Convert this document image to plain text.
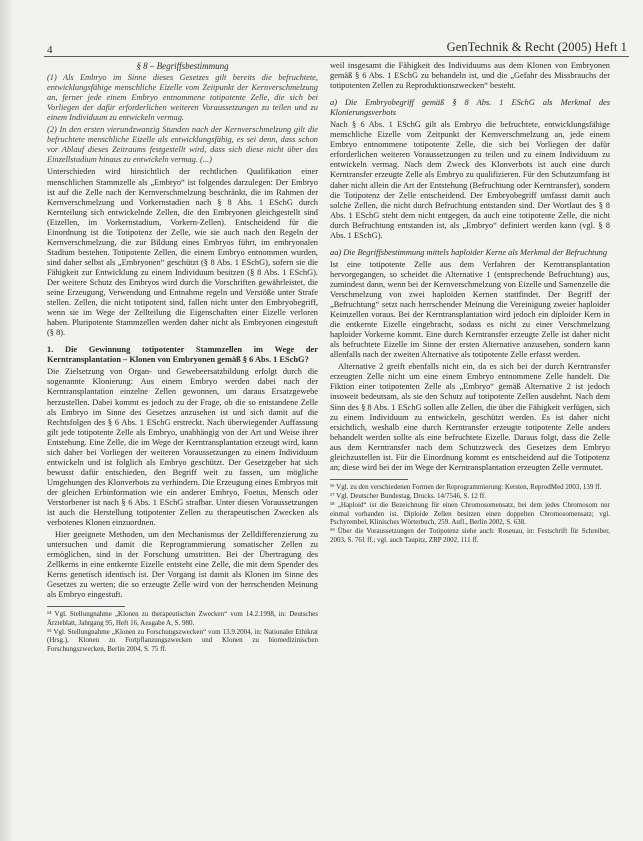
4	GenTechnik & Recht (2005) Heft 1
§ 8 – Begriffsbestimmung

(1) Als Embryo im Sinne dieses Gesetzes gilt bereits die befruchtete, entwicklungsfähige menschliche Eizelle vom Zeitpunkt der Kernverschmelzung an, ferner jede einem Embryo entnommene totipotente Zelle, die sich bei Vorliegen der dafür erforderlichen weiteren Voraussetzungen zu teilen und zu einem Individuum zu entwickeln vermag.

(2) In den ersten vierundzwanzig Stunden nach der Kernverschmelzung gilt die befruchtete menschliche Eizelle als entwicklungsfähig, es sei denn, dass schon vor Ablauf dieses Zeitraums festgestellt wird, dass sich diese nicht über das Einzellstadium hinaus zu entwickeln vermag. (...)

Unterschieden wird hinsichtlich der rechtlichen Qualifikation einer menschlichen Stammzelle als „Embryo“ ist folgendes darzulegen: Der Embryo ist auf die Zelle nach der Kernverschmelzung beschränkt, die im Rahmen der Kernverschmelzung und Vorkernstadien nach § 8 Abs. 1 ESchG durch Kernteilung sich entwickelnde Zellen, die den Embryonen gleichgestellt sind (Eizellen, im Vorkernstadium, Vorkern-Zellen). Entscheidend für die Einordnung ist die Totipotenz der Zelle, wie sie auch nach den Regeln der Kernverschmelzung, die zur Bildung eines Embryos führt, im embryonalen Stadium bestehen. Totipotente Zellen, die einem Embryo entnommen wurden, sind daher selbst als „Embryonen“ geschützt (§ 8 Abs. 1 ESchG), sofern sie die Fähigkeit zur Entwicklung zu einem Individuum besitzen (§ 8 Abs. 1 ESchG). Der weitere Schutz des Embryos wird durch die Vorschriften gewährleistet, die seine Erzeugung, Verwendung und Entnahme regeln und Verstöße unter Strafe stellen. Zellen, die nicht totipotent sind, fallen nicht unter den Embryobegriff, wenn sie im Wege der Zellteilung die Eigenschaften einer Eizelle verloren haben. Pluripotente Stammzellen werden daher nicht als Embryonen eingestuft (§ 8).

1. Die Gewinnung totipotenter Stammzellen im Wege der Kerntransplantation – Klonen von Embryonen gemäß § 6 Abs. 1 ESchG?

Die Zielsetzung von Organ- und Gewebeersatzbildung erfolgt durch die sogenannte Klonierung: Aus einem Embryo werden dabei nach der Kerntransplantation einzelne Zellen gewonnen, um daraus Ersatzgewebe herzustellen. Dabei kommt es jedoch zu der Frage, ob die so entstandene Zelle als Embryo im Sinne des Gesetzes anzusehen ist und sich damit auf die Rechtsfolgen des § 6 Abs. 1 ESchG erstreckt. Nach überwiegender Auffassung gilt jede totipotente Zelle als Embryo, unabhängig von der Art und Weise ihrer Entstehung. Eine Zelle, die im Wege der Kerntransplantation erzeugt wird, kann sich daher bei Vorliegen der weiteren Voraussetzungen zu einem Individuum entwickeln und ist folglich als Embryo geschützt. Der Gesetzgeber hat sich bewusst dafür entschieden, den Begriff weit zu fassen, um mögliche Umgehungen des Klonverbots zu verhindern. Die Erzeugung eines Embryos mit der gleichen Erbinformation wie ein anderer Embryo, Foetus, Mensch oder Verstorbener ist nach § 6 Abs. 1 ESchG strafbar. Unter diesen Voraussetzungen ist auch die Herstellung totipotenter Zellen zu therapeutischen Zwecken als verbotenes Klonen einzuordnen.

Hier geeignete Methoden, um den Mechanismus der Zelldifferenzierung zu untersuchen und damit die Reprogrammierung somatischer Zellen zu ermöglichen, sind in der Forschung umstritten. Bei der Übertragung des Zellkerns in eine entkernte Eizelle entsteht eine Zelle, die mit dem Spender des Kerns genetisch identisch ist. Der Vorgang ist damit als Klonen im Sinne des Gesetzes zu werten; die so erzeugte Zelle wird von der herrschenden Meinung als Embryo eingestuft.

¹⁴ Vgl. Stellungnahme „Klonen zu therapeutischen Zwecken“ vom 14.2.1998, in: Deutsches Ärzteblatt, Jahrgang 95, Heft 16, Ausgabe A, S. 980.

¹⁵ Vgl. Stellungnahme „Klonen zu Forschungszwecken“ vom 13.9.2004, in: Nationaler Ethikrat (Hrsg.), Klonen zu Fortpflanzungszwecken und Klonen zu biomedizinischen Forschungszwecken, Berlin 2004, S. 75 ff.

weil insgesamt die Fähigkeit des Individuums aus dem Klonen von Embryonen gemäß § 6 Abs. 1 ESchG zu behandeln ist, und die „Gefahr des Missbrauchs der totipotenten Zellen zu Reproduktionszwecken“ besteht.

a) Die Embryobegriff gemäß § 8 Abs. 1 ESchG als Merkmal des Klonierungsverbots

Nach § 6 Abs. 1 ESchG gilt als Embryo die befruchtete, entwicklungsfähige menschliche Eizelle vom Zeitpunkt der Kernverschmelzung an, jede einem Embryo entnommene totipotente Zelle, die sich bei Vorliegen der dafür erforderlichen weiteren Voraussetzungen zu teilen und zu einem Individuum zu entwickeln vermag. Nach dem Zweck des Klonverbots ist auch eine durch Kerntransfer erzeugte Zelle als Embryo zu qualifizieren. Für den Schutzumfang ist daher nicht allein die Art der Entstehung (Befruchtung oder Kerntransfer), sondern die Totipotenz der Zelle entscheidend. Der Embryobegriff umfasst damit auch solche Zellen, die nicht durch Befruchtung entstanden sind. Der Wortlaut des § 8 Abs. 1 ESchG steht dem nicht entgegen, da auch eine totipotente Zelle, die nicht durch Befruchtung entstanden ist, als „Embryo“ definiert werden kann (vgl. § 8 Abs. 1 ESchG).

aa) Die Begriffsbestimmung mittels haploider Kerne als Merkmal der Befruchtung

Ist eine totipotente Zelle aus dem Verfahren der Kerntransplantation hervorgegangen, so scheidet die Alternative 1 (entsprechende Befruchtung) aus, zumindest dann, wenn bei der Kernverschmelzung von Eizelle und Samenzelle die Verschmelzung von zwei haploiden Kernen stattfindet. Der Begriff der „Befruchtung“ setzt nach herrschender Meinung die Vereinigung zweier haploider Keimzellen voraus. Bei der Kerntransplantation wird jedoch ein diploider Kern in die entkernte Eizelle eingebracht, sodass es nicht zu einer Verschmelzung haploider Vorkerne kommt. Eine durch Kerntransfer erzeugte Zelle ist daher nicht als befruchtete Eizelle im Sinne der ersten Alternative anzusehen, sondern kann allenfalls nach der zweiten Alternative als totipotente Zelle erfasst werden.

Alternative 2 greift ebenfalls nicht ein, da es sich bei der durch Kerntransfer erzeugten Zelle nicht um eine einem Embryo entnommene Zelle handelt. Die Fiktion einer totipotenten Zelle als „Embryo“ gemäß Alternative 2 ist jedoch insoweit bedeutsam, als sie den Schutz auf totipotente Zellen ausdehnt. Nach dem Sinn des § 8 Abs. 1 ESchG sollen alle Zellen, die über die Fähigkeit verfügen, sich zu einem Individuum zu entwickeln, geschützt werden. Es ist daher nicht ersichtlich, weshalb eine durch Kerntransfer erzeugte totipotente Zelle anders behandelt werden sollte als eine befruchtete Eizelle. Daraus folgt, dass die Zelle aus dem Kerntransfer nach dem Schutzzweck des Gesetzes dem Embryo gleichzustellen ist. Für die Einordnung kommt es entscheidend auf die Totipotenz an; diese wird bei der im Wege der Kerntransplantation erzeugten Zelle vermutet.

¹⁶ Vgl. zu den verschiedenen Formen der Reprogrammierung: Kersten, ReprodMed 2003, 139 ff.

¹⁷ Vgl. Deutscher Bundestag, Drucks. 14/7546, S. 12 ff.

¹⁸ „Haploid“ ist die Bezeichnung für einen Chromosomensatz, bei dem jedes Chromosom nur einmal vorhanden ist. Diploide Zellen besitzen einen doppelten Chromosomensatz; vgl. Pschyrembel, Klinisches Wörterbuch, 259. Aufl., Berlin 2002, S. 638.

¹⁹ Über die Voraussetzungen der Totipotenz siehe auch: Rosenau, in: Festschrift für Schreiber, 2003, S. 761 ff.; vgl. auch Taupitz, ZRP 2002, 111 ff.
